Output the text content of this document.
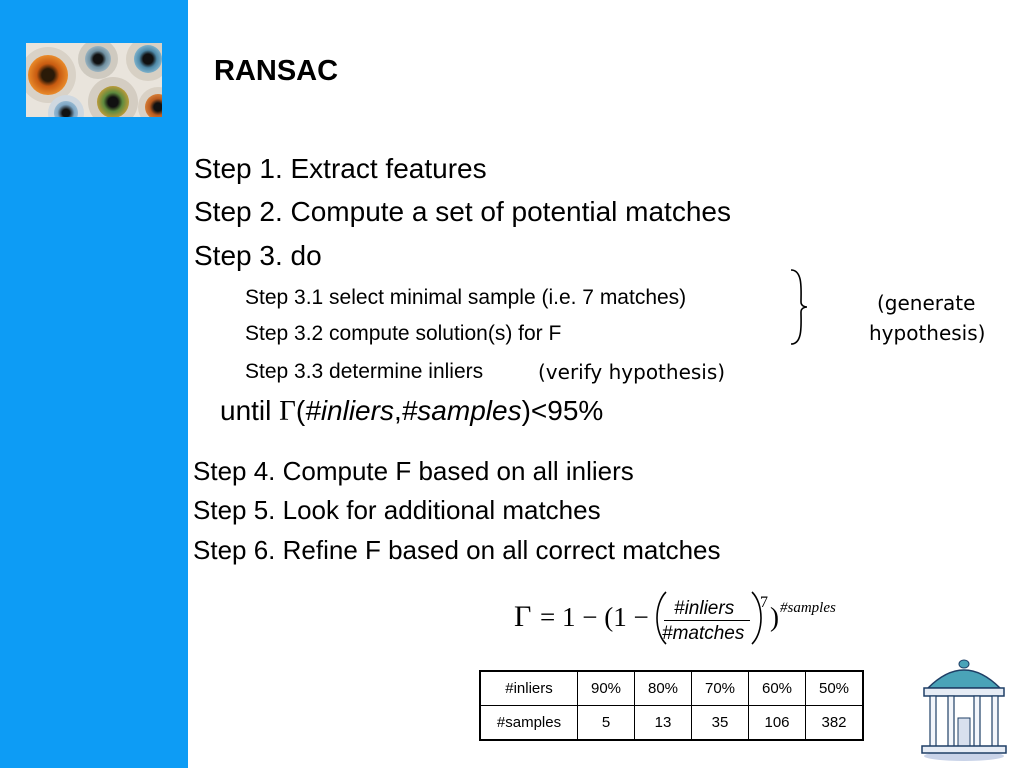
RANSAC
Step 1. Extract features
Step 2. Compute a set of potential matches
Step 3. do
Step 3.1 select minimal sample (i.e. 7 matches)
Step 3.2 compute solution(s) for F
Step 3.3 determine inliers	(verify hypothesis)
(generate
hypothesis)
until Γ(#inliers,#samples)<95%
Step 4. Compute F based on all inliers
Step 5. Look for additional matches
Step 6. Refine F based on all correct matches
Γ = 1 − (1 − #inliers
#matches
7 ) #samples
#inliers	90%	80%	70%	60%	50%
#samples	5	13	35	106	382
